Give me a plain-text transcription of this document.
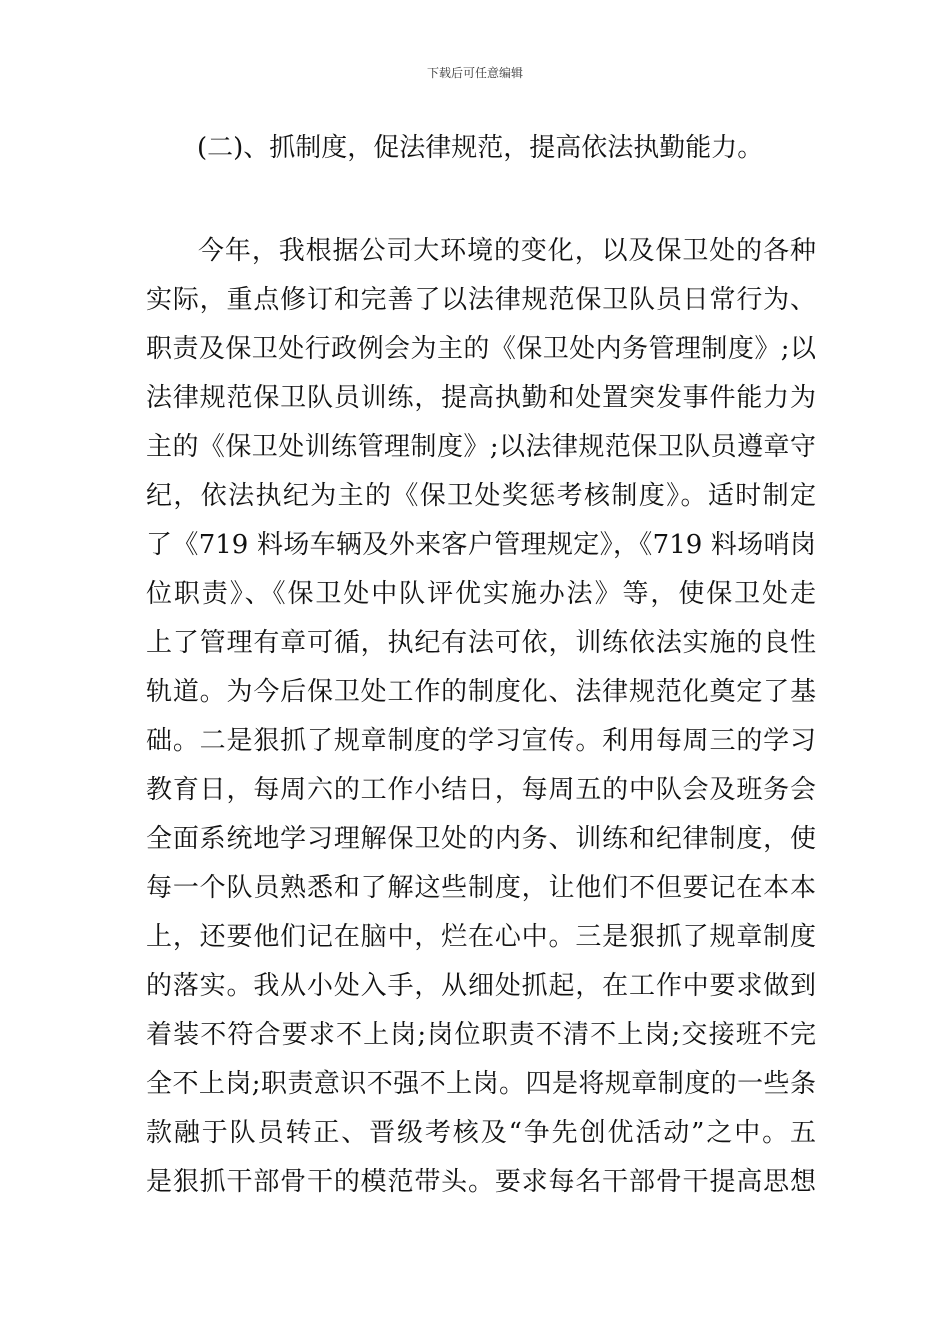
下载后可任意编辑
(二)、抓制度，促法律规范，提高依法执勤能力。
今年，我根据公司大环境的变化，以及保卫处的各种
实际，重点修订和完善了以法律规范保卫队员日常行为、
职责及保卫处行政例会为主的《保卫处内务管理制度》;以
法律规范保卫队员训练，提高执勤和处置突发事件能力为
主的《保卫处训练管理制度》;以法律规范保卫队员遵章守
纪，依法执纪为主的《保卫处奖惩考核制度》。适时制定
了《719 料场车辆及外来客户管理规定》，《719 料场哨岗
位职责》、《保卫处中队评优实施办法》等，使保卫处走
上了管理有章可循，执纪有法可依，训练依法实施的良性
轨道。为今后保卫处工作的制度化、法律规范化奠定了基
础。二是狠抓了规章制度的学习宣传。利用每周三的学习
教育日，每周六的工作小结日，每周五的中队会及班务会
全面系统地学习理解保卫处的内务、训练和纪律制度，使
每一个队员熟悉和了解这些制度，让他们不但要记在本本
上，还要他们记在脑中，烂在心中。三是狠抓了规章制度
的落实。我从小处入手，从细处抓起，在工作中要求做到
着装不符合要求不上岗;岗位职责不清不上岗;交接班不完
全不上岗;职责意识不强不上岗。四是将规章制度的一些条
款融于队员转正、晋级考核及“争先创优活动”之中。五
是狠抓干部骨干的模范带头。要求每名干部骨干提高思想
